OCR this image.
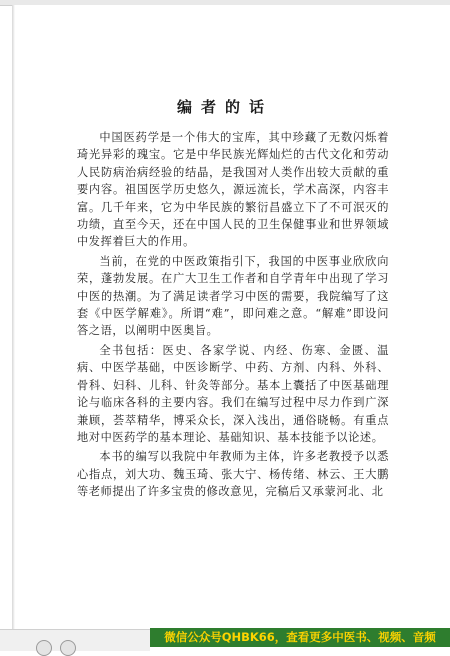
编者的话

中国医药学是一个伟大的宝库，其中珍藏了无数闪烁着琦光异彩的瑰宝。它是中华民族光辉灿烂的古代文化和劳动人民防病治病经验的结晶，是我国对人类作出较大贡献的重要内容。祖国医学历史悠久，源远流长，学术高深，内容丰富。几千年来，它为中华民族的繁衍昌盛立下了不可泯灭的功绩，直至今天，还在中国人民的卫生保健事业和世界领域中发挥着巨大的作用。

当前，在党的中医政策指引下，我国的中医事业欣欣向荣，蓬勃发展。在广大卫生工作者和自学青年中出现了学习中医的热潮。为了满足读者学习中医的需要，我院编写了这套《中医学解难》。所谓“难”，即问难之意。“解难”即设问答之语，以阐明中医奥旨。

全书包括：医史、各家学说、内经、伤寒、金匮、温病、中医学基础，中医诊断学、中药、方剂、内科、外科、骨科、妇科、儿科、针灸等部分。基本上囊括了中医基础理论与临床各科的主要内容。我们在编写过程中尽力作到广深兼顾，荟萃精华，博采众长，深入浅出，通俗晓畅。有重点地对中医药学的基本理论、基础知识、基本技能予以论述。

本书的编写以我院中年教师为主体，许多老教授予以悉心指点，刘大功、魏玉琦、张大宁、杨传绪、林云、王大鹏等老师提出了许多宝贵的修改意见，完稿后又承蒙河北、北

微信公众号QHBK66，查看更多中医书、视频、音频
